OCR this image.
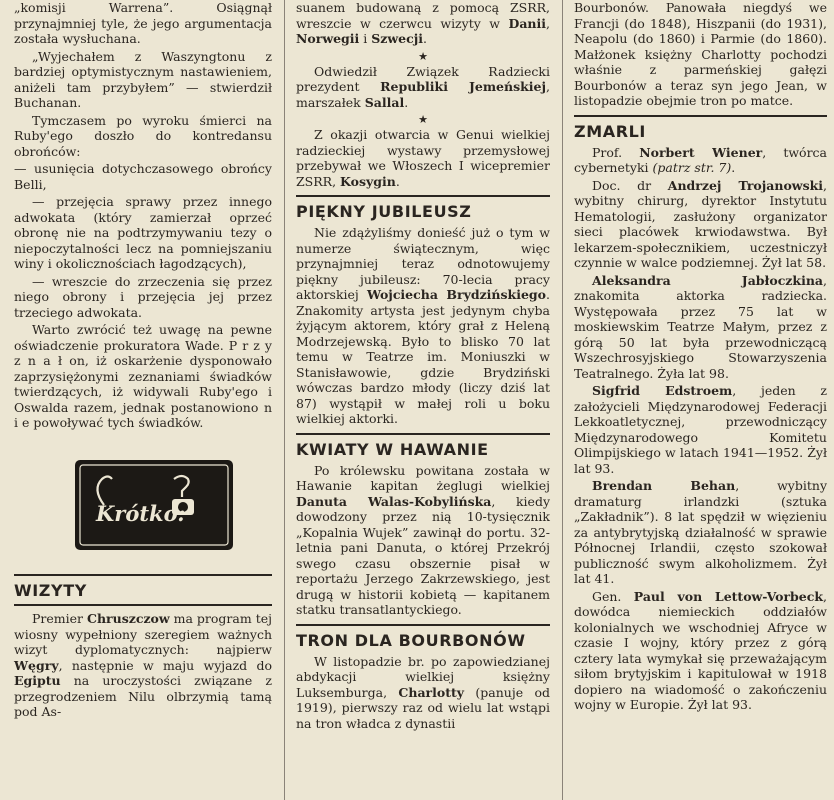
„komisji Warrena”. Osiągnął przynajmniej tyle, że jego argumentacja została wysłuchana.

„Wyjechałem z Waszyngtonu z bardziej optymistycznym nastawieniem, aniżeli tam przybyłem” — stwierdził Buchanan.

Tymczasem po wyroku śmierci na Ruby'ego doszło do kontredansu obrońców:

— usunięcia dotychczasowego obrońcy Belli,

— przejęcia sprawy przez innego adwokata (który zamierzał oprzeć obronę nie na podtrzymywaniu tezy o niepoczytalności lecz na pomniejszaniu winy i okolicznościach łagodzących),

— wreszcie do zrzeczenia się przez niego obrony i przejęcia jej przez trzeciego adwokata.

Warto zwrócić też uwagę na pewne oświadczenie prokuratora Wade. P r z y z n a ł on, iż oskarżenie dysponowało zaprzysiężonymi zeznaniami świadków twierdzących, iż widywali Ruby'ego i Oswalda razem, jednak postanowiono n i e powoływać tych świadków.

Krótko:
WIZYTY

Premier Chruszczow ma program tej wiosny wypełniony szeregiem ważnych wizyt dyplomatycznych: najpierw Węgry, następnie w maju wyjazd do Egiptu na uroczystości związane z przegrodzeniem Nilu olbrzymią tamą pod As-

suanem budowaną z pomocą ZSRR, wreszcie w czerwcu wizyty w Danii, Norwegii i Szwecji.

★

Odwiedził Związek Radziecki prezydent Republiki Jemeńskiej, marszałek Sallal.

★

Z okazji otwarcia w Genui wielkiej radzieckiej wystawy przemysłowej przebywał we Włoszech I wicepremier ZSRR, Kosygin.

PIĘKNY JUBILEUSZ

Nie zdążyliśmy donieść już o tym w numerze świątecznym, więc przynajmniej teraz odnotowujemy piękny jubileusz: 70-lecia pracy aktorskiej Wojciecha Brydzińskiego. Znakomity artysta jest jedynym chyba żyjącym aktorem, który grał z Heleną Modrzejewską. Było to blisko 70 lat temu w Teatrze im. Moniuszki w Stanisławowie, gdzie Brydziński wówczas bardzo młody (liczy dziś lat 87) wystąpił w małej roli u boku wielkiej aktorki.

KWIATY W HAWANIE

Po królewsku powitana została w Hawanie kapitan żeglugi wielkiej Danuta Walas-Kobylińska, kiedy dowodzony przez nią 10-tysięcznik „Kopalnia Wujek” zawinął do portu. 32-letnia pani Danuta, o której Przekrój swego czasu obszernie pisał w reportażu Jerzego Zakrzewskiego, jest drugą w historii kobietą — kapitanem statku transatlantyckiego.

TRON DLA BOURBONÓW

W listopadzie br. po zapowiedzianej abdykacji wielkiej księżny Luksemburga, Charlotty (panuje od 1919), pierwszy raz od wielu lat wstąpi na tron władca z dynastii

Bourbonów. Panowała niegdyś we Francji (do 1848), Hiszpanii (do 1931), Neapolu (do 1860) i Parmie (do 1860). Małżonek księżny Charlotty pochodzi właśnie z parmeńskiej gałęzi Bourbonów a teraz syn jego Jean, w listopadzie obejmie tron po matce.

ZMARLI

Prof. Norbert Wiener, twórca cybernetyki (patrz str. 7).

Doc. dr Andrzej Trojanowski, wybitny chirurg, dyrektor Instytutu Hematologii, zasłużony organizator sieci placówek krwiodawstwa. Był lekarzem-społecznikiem, uczestniczył czynnie w walce podziemnej. Żył lat 58.

Aleksandra Jabłoczkina, znakomita aktorka radziecka. Występowała przez 75 lat w moskiewskim Teatrze Małym, przez z górą 50 lat była przewodniczącą Wszechrosyjskiego Stowarzyszenia Teatralnego. Żyła lat 98.

Sigfrid Edstroem, jeden z założycieli Międzynarodowej Federacji Lekkoatletycznej, przewodniczący Międzynarodowego Komitetu Olimpijskiego w latach 1941—1952. Żył lat 93.

Brendan Behan, wybitny dramaturg irlandzki (sztuka „Zakładnik”). 8 lat spędził w więzieniu za antybrytyjską działalność w sprawie Północnej Irlandii, często szokował publiczność swym alkoholizmem. Żył lat 41.

Gen. Paul von Lettow-Vorbeck, dowódca niemieckich oddziałów kolonialnych we wschodniej Afryce w czasie I wojny, który przez z górą cztery lata wymykał się przeważającym siłom brytyjskim i kapitulował w 1918 dopiero na wiadomość o zakończeniu wojny w Europie. Żył lat 93.
